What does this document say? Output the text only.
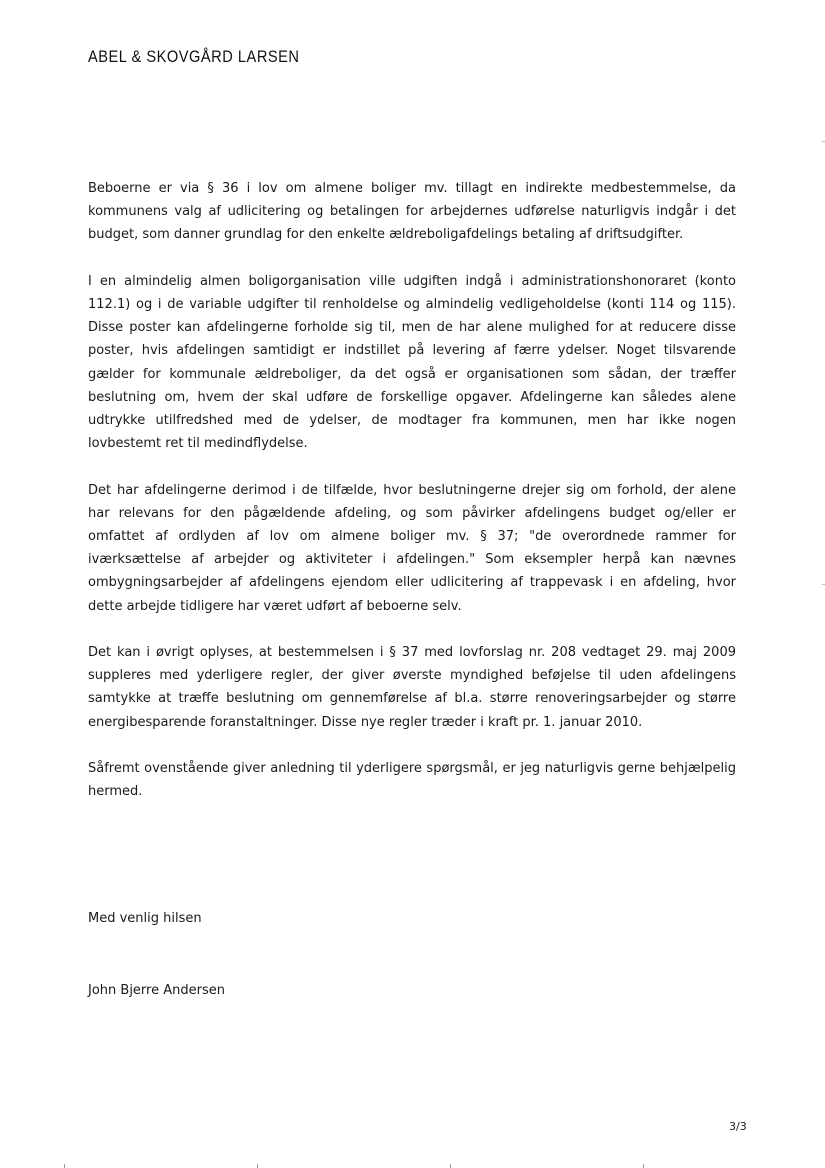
ABEL & SKOVGÅRD LARSEN

Beboerne er via § 36 i lov om almene boliger mv. tillagt en indirekte medbestemmelse, da kommunens valg af udlicitering og betalingen for arbejdernes udførelse naturligvis indgår i det budget, som danner grundlag for den enkelte ældreboligafdelings betaling af driftsudgifter.

I en almindelig almen boligorganisation ville udgiften indgå i administrationshonoraret (konto 112.1) og i de variable udgifter til renholdelse og almindelig vedligeholdelse (konti 114 og 115). Disse poster kan afdelingerne forholde sig til, men de har alene mulighed for at reducere disse poster, hvis afdelingen samtidigt er indstillet på levering af færre ydelser. Noget tilsvarende gælder for kommunale ældreboliger, da det også er organisationen som sådan, der træffer beslutning om, hvem der skal udføre de forskellige opgaver. Afdelingerne kan således alene udtrykke utilfredshed med de ydelser, de modtager fra kommunen, men har ikke nogen lovbestemt ret til medindflydelse.

Det har afdelingerne derimod i de tilfælde, hvor beslutningerne drejer sig om forhold, der alene har relevans for den pågældende afdeling, og som påvirker afdelingens budget og/eller er omfattet af ordlyden af lov om almene boliger mv. § 37; "de overordnede rammer for iværksættelse af arbejder og aktiviteter i afdelingen." Som eksempler herpå kan nævnes ombygningsarbejder af afdelingens ejendom eller udlicitering af trappevask i en afdeling, hvor dette arbejde tidligere har været udført af beboerne selv.

Det kan i øvrigt oplyses, at bestemmelsen i § 37 med lovforslag nr. 208 vedtaget 29. maj 2009 suppleres med yderligere regler, der giver øverste myndighed beføjelse til uden afdelingens samtykke at træffe beslutning om gennemførelse af bl.a. større renoveringsarbejder og større energibesparende foranstaltninger. Disse nye regler træder i kraft pr. 1. januar 2010.

Såfremt ovenstående giver anledning til yderligere spørgsmål, er jeg naturligvis gerne behjælpelig hermed.

Med venlig hilsen

John Bjerre Andersen

3/3
